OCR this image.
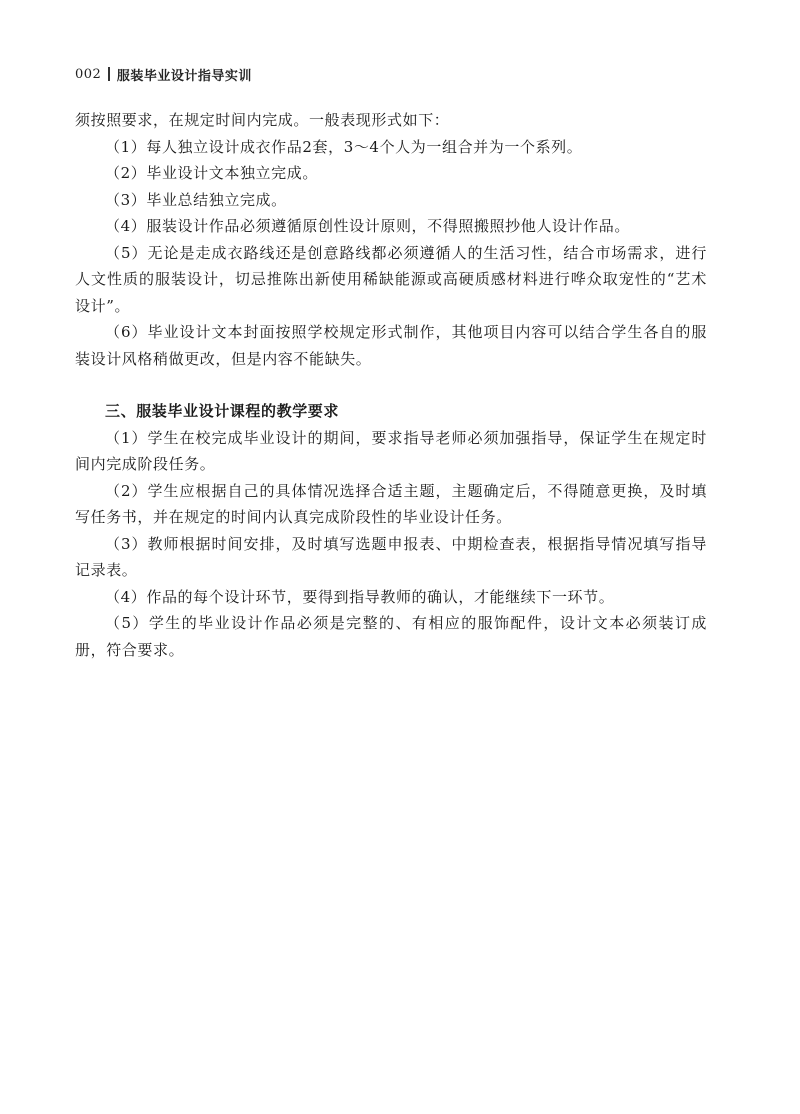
002 服装毕业设计指导实训

须按照要求，在规定时间内完成。一般表现形式如下：

（1）每人独立设计成衣作品2套，3～4个人为一组合并为一个系列。

（2）毕业设计文本独立完成。

（3）毕业总结独立完成。

（4）服装设计作品必须遵循原创性设计原则，不得照搬照抄他人设计作品。

（5）无论是走成衣路线还是创意路线都必须遵循人的生活习性，结合市场需求，进行人文性质的服装设计，切忌推陈出新使用稀缺能源或高硬质感材料进行哗众取宠性的“艺术设计”。

（6）毕业设计文本封面按照学校规定形式制作，其他项目内容可以结合学生各自的服装设计风格稍做更改，但是内容不能缺失。

三、服装毕业设计课程的教学要求

（1）学生在校完成毕业设计的期间，要求指导老师必须加强指导，保证学生在规定时间内完成阶段任务。

（2）学生应根据自己的具体情况选择合适主题，主题确定后，不得随意更换，及时填写任务书，并在规定的时间内认真完成阶段性的毕业设计任务。

（3）教师根据时间安排，及时填写选题申报表、中期检查表，根据指导情况填写指导记录表。

（4）作品的每个设计环节，要得到指导教师的确认，才能继续下一环节。

（5）学生的毕业设计作品必须是完整的、有相应的服饰配件，设计文本必须装订成册，符合要求。
